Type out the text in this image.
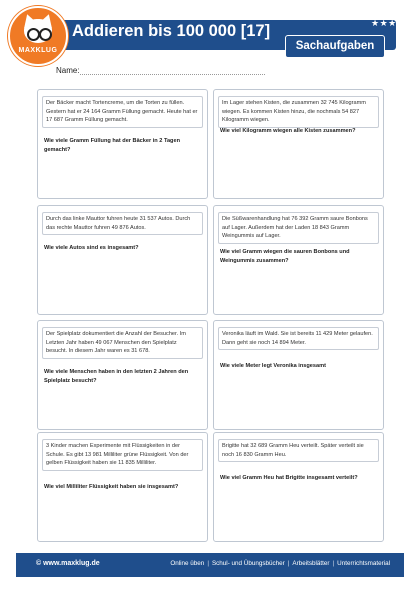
MAXKLUG
Addieren bis 100 000 [17]	★★★
Sachaufgaben
Name:
Der Bäcker macht Tortencreme, um die Torten zu füllen. Gestern hat er 24 164 Gramm Füllung gemacht. Heute hat er 17 687 Gramm Füllung gemacht.
Wie viele Gramm Füllung hat der Bäcker in 2 Tagen gemacht?
Im Lager stehen Kisten, die zusammen 32 745 Kilogramm wiegen. Es kommen Kisten hinzu, die nochmals 54 827 Kilogramm wiegen.
Wie viel Kilogramm wiegen alle Kisten zusammen?
Durch das linke Mauttor fuhren heute 31 537 Autos. Durch das rechte Mauttor fuhren 49 876 Autos.
Wie viele Autos sind es insgesamt?
Die Süßwarenhandlung hat 76 392 Gramm saure Bonbons auf Lager. Außerdem hat der Laden 18 843 Gramm Weingummis auf Lager.
Wie viel Gramm wiegen die sauren Bonbons und Weingummis zusammen?
Der Spielplatz dokumentiert die Anzahl der Besucher. Im Letzten Jahr haben 49 067 Menschen den Spielplatz besucht. In diesem Jahr waren es 31 678.
Wie viele Menschen haben in den letzten 2 Jahren den Spielplatz besucht?
Veronika läuft im Wald. Sie ist bereits 11 429 Meter gelaufen. Dann geht sie noch 14 894 Meter.
Wie viele Meter legt Veronika insgesamt
3 Kinder machen Experimente mit Flüssigkeiten in der Schule. Es gibt 13 981 Milliliter grüne Flüssigkeit. Von der gelben Flüssigkeit haben sie 11 835 Milliliter.
Wie viel Milliliter Flüssigkeit haben sie insgesamt?
Brigitte hat 32 689 Gramm Heu verteilt. Später verteilt sie noch 16 830 Gramm Heu.
Wie viel Gramm Heu hat Brigitte insgesamt verteilt?
© www.maxklug.de	Online üben | Schul- und Übungsbücher | Arbeitsblätter | Unterrichtsmaterial
